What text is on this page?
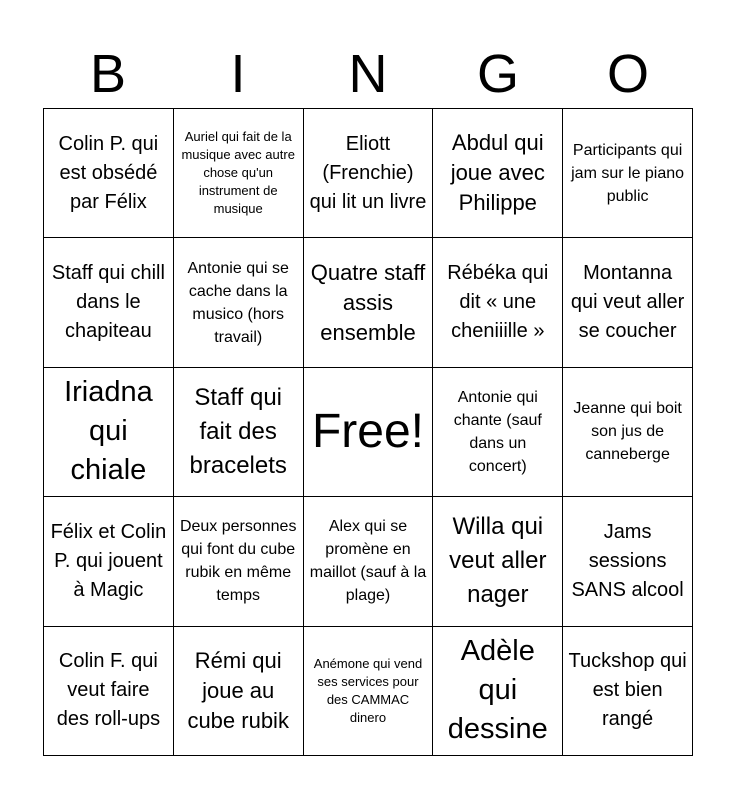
B	I	N	G	O
Colin P. qui est obsédé par Félix
Auriel qui fait de la musique avec autre chose qu'un instrument de musique
Eliott (Frenchie) qui lit un livre
Abdul qui joue avec Philippe
Participants qui jam sur le piano public
Staff qui chill dans le chapiteau
Antonie qui se cache dans la musico (hors travail)
Quatre staff assis ensemble
Rébéka qui dit « une cheniiille »
Montanna qui veut aller se coucher
Iriadna qui chiale
Staff qui fait des bracelets
Free!
Antonie qui chante (sauf dans un concert)
Jeanne qui boit son jus de canneberge
Félix et Colin P. qui jouent à Magic
Deux personnes qui font du cube rubik en même temps
Alex qui se promène en maillot (sauf à la plage)
Willa qui veut aller nager
Jams sessions SANS alcool
Colin F. qui veut faire des roll-ups
Rémi qui joue au cube rubik
Anémone qui vend ses services pour des CAMMAC dinero
Adèle qui dessine
Tuckshop qui est bien rangé
